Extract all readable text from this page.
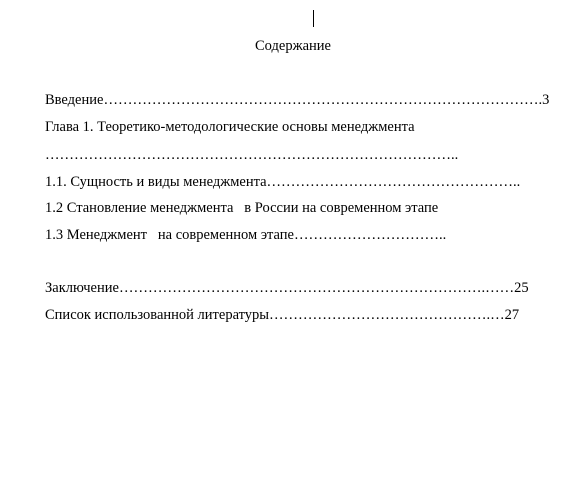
Содержание
Введение……………………………………………………………………………….3
Глава 1. Теоретико-методологические основы менеджмента
…………………………………………………………………………..
1.1. Сущность и виды менеджмента……………………………………………..
1.2 Становление менеджмента   в России на современном этапе
1.3 Менеджмент   на современном этапе…………………………..
Заключение………………………………………………………………….……25
Список использованной литературы……………………………………….…27
